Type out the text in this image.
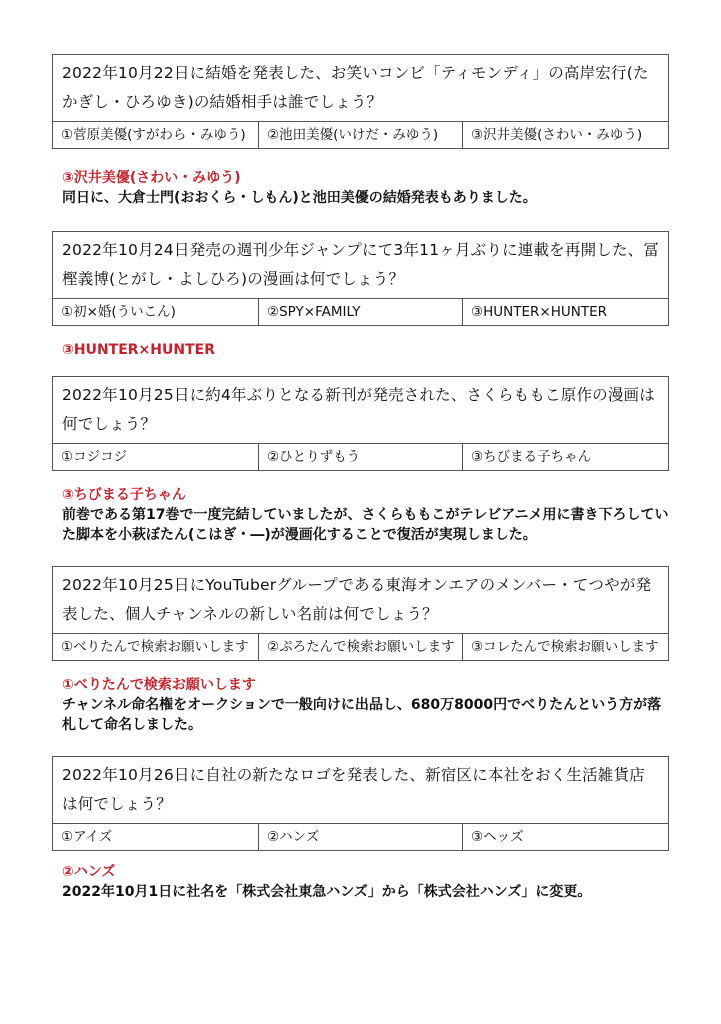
2022年10月22日に結婚を発表した、お笑いコンビ「ティモンディ」の高岸宏行(たかぎし・ひろゆき)の結婚相手は誰でしょう？
①菅原美優(すがわら・みゆう)	②池田美優(いけだ・みゆう)	③沢井美優(さわい・みゆう)
③沢井美優(さわい・みゆう)
同日に、大倉士門(おおくら・しもん)と池田美優の結婚発表もありました。
2022年10月24日発売の週刊少年ジャンプにて3年11ヶ月ぶりに連載を再開した、冨樫義博(とがし・よしひろ)の漫画は何でしょう？
①初×婚(ういこん)	②SPY×FAMILY	③HUNTER×HUNTER
③HUNTER×HUNTER
2022年10月25日に約4年ぶりとなる新刊が発売された、さくらももこ原作の漫画は何でしょう？
①コジコジ	②ひとりずもう	③ちびまる子ちゃん
③ちびまる子ちゃん
前巻である第17巻で一度完結していましたが、さくらももこがテレビアニメ用に書き下ろしていた脚本を小萩ぼたん(こはぎ・―)が漫画化することで復活が実現しました。
2022年10月25日にYouTuberグループである東海オンエアのメンバー・てつやが発表した、個人チャンネルの新しい名前は何でしょう？
①べりたんで検索お願いします	②ぷろたんで検索お願いします	③コレたんで検索お願いします
①べりたんで検索お願いします
チャンネル命名権をオークションで一般向けに出品し、680万8000円でべりたんという方が落札して命名しました。
2022年10月26日に自社の新たなロゴを発表した、新宿区に本社をおく生活雑貨店は何でしょう？
①アイズ	②ハンズ	③ヘッズ
②ハンズ
2022年10月1日に社名を「株式会社東急ハンズ」から「株式会社ハンズ」に変更。
